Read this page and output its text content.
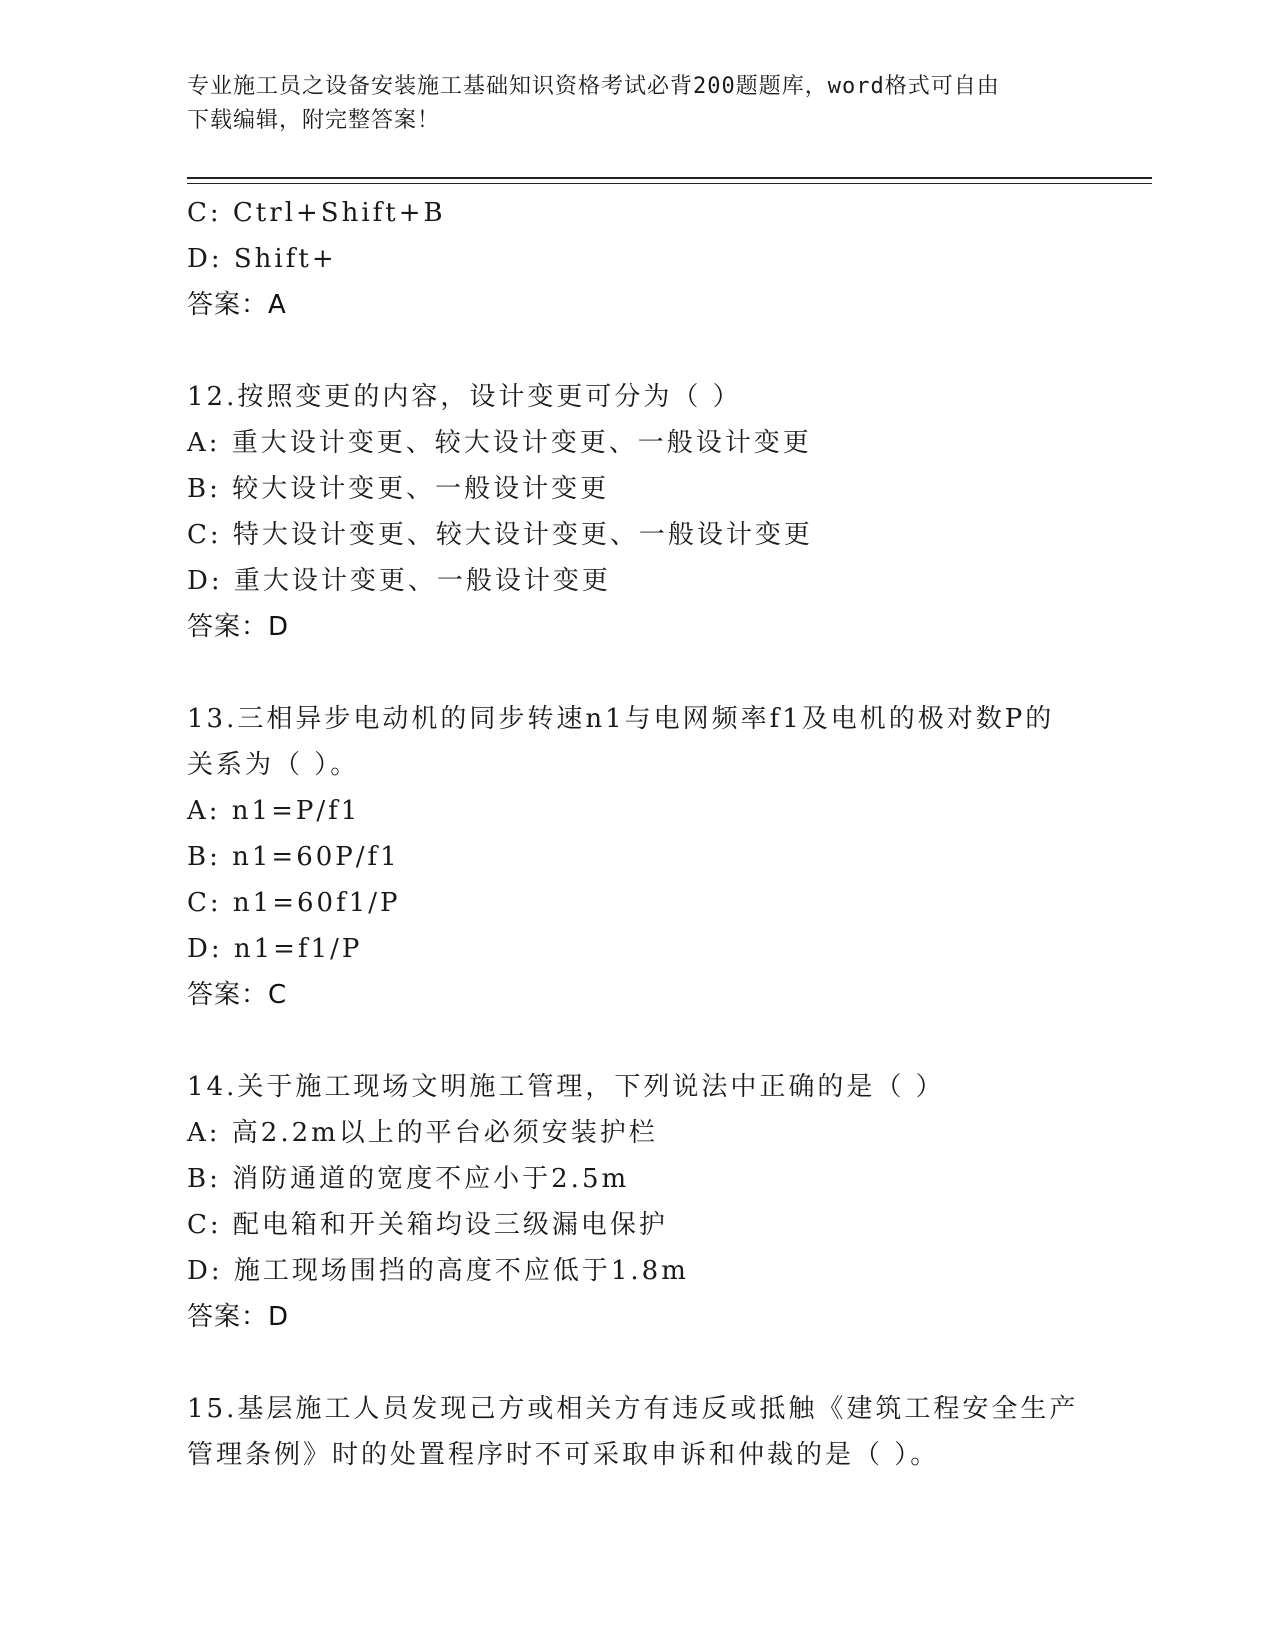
专业施工员之设备安装施工基础知识资格考试必背200题题库，word格式可自由
下载编辑，附完整答案！
C: Ctrl+Shift+B
D: Shift+
答案：A
12.按照变更的内容，设计变更可分为（ ）
A: 重大设计变更、较大设计变更、一般设计变更
B: 较大设计变更、一般设计变更
C: 特大设计变更、较大设计变更、一般设计变更
D: 重大设计变更、一般设计变更
答案：D
13.三相异步电动机的同步转速n1与电网频率f1及电机的极对数P的
关系为（ ）。
A: n1=P/f1
B: n1=60P/f1
C: n1=60f1/P
D: n1=f1/P
答案：C
14.关于施工现场文明施工管理，下列说法中正确的是（ ）
A: 高2.2m以上的平台必须安装护栏
B: 消防通道的宽度不应小于2.5m
C: 配电箱和开关箱均设三级漏电保护
D: 施工现场围挡的高度不应低于1.8m
答案：D
15.基层施工人员发现己方或相关方有违反或抵触《建筑工程安全生产
管理条例》时的处置程序时不可采取申诉和仲裁的是（ ）。
